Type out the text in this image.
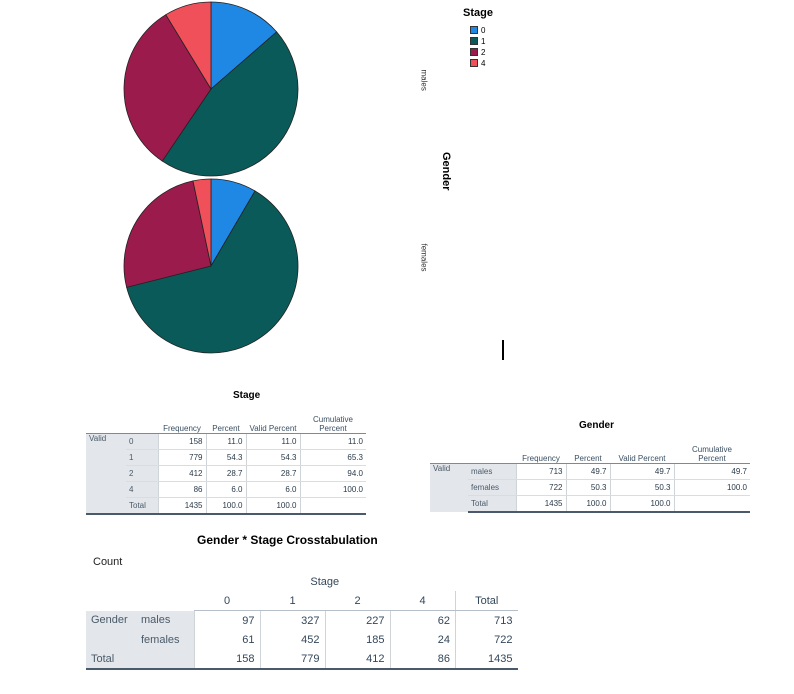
Stage
0
1
2
4
males
Gender
females
Stage
		Frequency	Percent	Valid Percent	Cumulative
Percent

Valid	0	158	11.0	11.0	11.0
	1	779	54.3	54.3	65.3
	2	412	28.7	28.7	94.0
	4	86	6.0	6.0	100.0
	Total	1435	100.0	100.0	
Gender
		Frequency	Percent	Valid Percent	Cumulative
Percent

Valid	males	713	49.7	49.7	49.7
	females	722	50.3	50.3	100.0
	Total	1435	100.0	100.0	
Gender * Stage Crosstabulation
Count
		Stage				
		0	1	2	4	Total
Gender	males	97	327	227	62	713
	females	61	452	185	24	722
Total		158	779	412	86	1435
